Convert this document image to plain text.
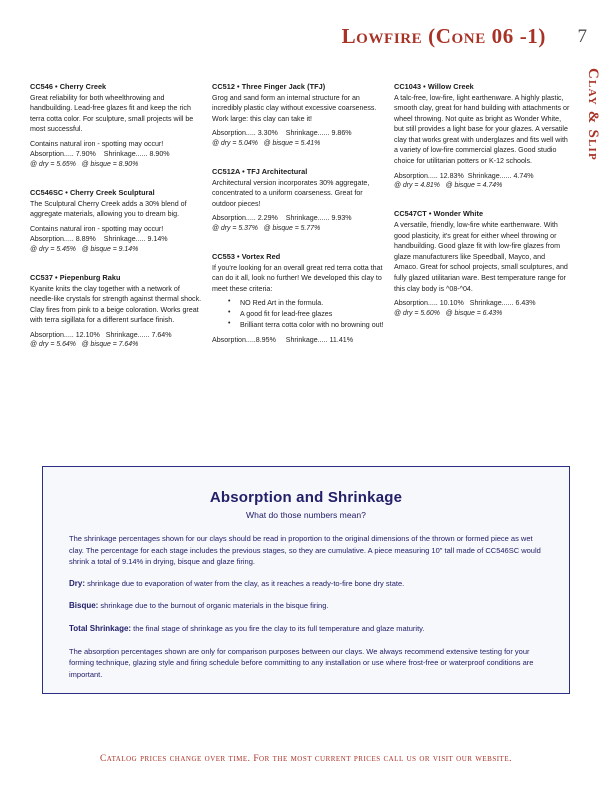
Lowfire (Cone 06 -1) 7
Clay & Slip
CC546 • Cherry Creek

Great reliability for both wheelthrowing and handbuilding. Lead-free glazes fit and keep the rich terra cotta color. For sculpture, small projects will be most successful.

Contains natural iron - spotting may occur!
Absorption..... 7.90%    Shrinkage...... 8.90%
@ dry = 5.65%   @ bisque = 8.90%
CC546SC • Cherry Creek Sculptural

The Sculptural Cherry Creek adds a 30% blend of aggregate materials, allowing you to dream big.

Contains natural iron - spotting may occur!
Absorption..... 8.89%    Shrinkage..... 9.14%
@ dry = 5.45%   @ bisque = 9.14%
CC537 • Piepenburg Raku

Kyanite knits the clay together with a network of needle-like crystals for strength against thermal shock. Clay fires from pink to a beige coloration. Works great with terra sigillata for a different surface finish.

Absorption..... 12.10%   Shrinkage...... 7.64%
@ dry = 5.64%   @ bisque = 7.64%
CC512 • Three Finger Jack (TFJ)

Grog and sand form an internal structure for an incredibly plastic clay without excessive coarseness. Work large: this clay can take it!

Absorption..... 3.30%    Shrinkage...... 9.86%
@ dry = 5.04%   @ bisque = 5.41%
CC512A • TFJ Architectural

Architectural version incorporates 30% aggregate, concentrated to a uniform coarseness. Great for outdoor pieces!

Absorption..... 2.29%    Shrinkage...... 9.93%
@ dry = 5.37%   @ bisque = 5.77%
CC553 • Vortex Red

If you're looking for an overall great red terra cotta that can do it all, look no further! We developed this clay to meet these criteria:

• NO Red Art in the formula.
• A good fit for lead-free glazes
• Brilliant terra cotta color with no browning out!
Absorption.....8.95%     Shrinkage..... 11.41%
CC1043 • Willow Creek

A talc-free, low-fire, light earthenware. A highly plastic, smooth clay, great for hand building with attachments or wheel throwing. Not quite as bright as Wonder White, but still provides a light base for your glazes. A versatile clay that works great with underglazes and fits well with a variety of low-fire commercial glazes. Good studio choice for utilitarian potters or K-12 schools.

Absorption..... 12.83%  Shrinkage...... 4.74%
@ dry = 4.81%   @ bisque = 4.74%
CC547CT • Wonder White

A versatile, friendly, low-fire white earthenware. With good plasticity, it's great for either wheel throwing or handbuilding. Good glaze fit with low-fire glazes from glaze manufacturers like Speedball, Mayco, and Amaco. Great for school projects, small sculptures, and fully glazed utilitarian ware. Best temperature range for this clay body is ^08-^04.

Absorption..... 10.10%   Shrinkage...... 6.43%
@ dry = 5.60%   @ bisque = 6.43%
Absorption and Shrinkage
What do those numbers mean?

The shrinkage percentages shown for our clays should be read in proportion to the original dimensions of the thrown or formed piece as wet clay. The percentage for each stage includes the previous stages, so they are cumulative. A piece measuring 10" tall made of CC546SC would shrink a total of 9.14% in drying, bisque and glaze firing.

Dry: shrinkage due to evaporation of water from the clay, as it reaches a ready-to-fire bone dry state.

Bisque: shrinkage due to the burnout of organic materials in the bisque firing.

Total Shrinkage: the final stage of shrinkage as you fire the clay to its full temperature and glaze maturity.

The absorption percentages shown are only for comparison purposes between our clays. We always recommend extensive testing for your forming technique, glazing style and firing schedule before committing to any installation or use where frost-free or waterproof conditions are important.

Catalog prices change over time. For the most current prices call us or visit our website.
